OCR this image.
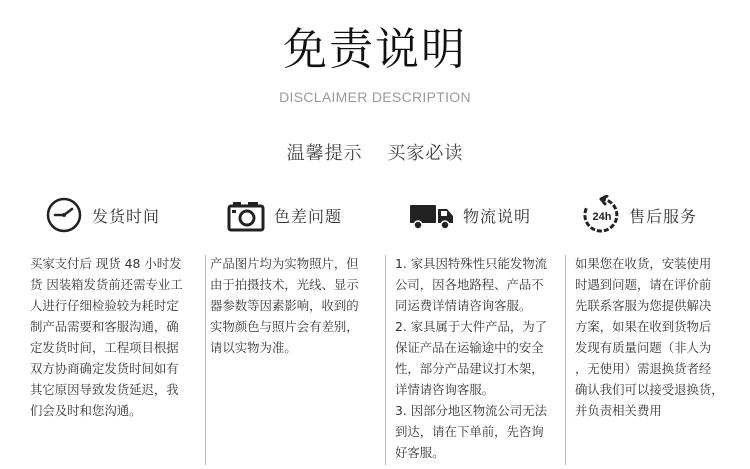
免责说明
DISCLAIMER DESCRIPTION
温馨提示 买家必读
发货时间
买家支付后 现货 48 小时发
货 因装箱发货前还需专业工
人进行仔细检验较为耗时定
制产品需要和客服沟通，确
定发货时间，工程项目根据
双方协商确定发货时间如有
其它原因导致发货延迟，我
们会及时和您沟通。
色差问题
产品图片均为实物照片，但
由于拍摄技术，光线、显示
器参数等因素影响，收到的
实物颜色与照片会有差别，
请以实物为准。
物流说明
1. 家具因特殊性只能发物流
公司，因各地路程、产品不
同运费详情请咨询客服。
2. 家具属于大件产品，为了
保证产品在运输途中的安全
性，部分产品建议打木架，
详情请咨询客服。
3. 因部分地区物流公司无法
到达，请在下单前，先咨询
好客服。
24h 售后服务
如果您在收货，安装使用
时遇到问题，请在评价前
先联系客服为您提供解决
方案，如果在收到货物后
发现有质量问题（非人为
，无使用）需退换货者经
确认我们可以接受退换货，
并负责相关费用
